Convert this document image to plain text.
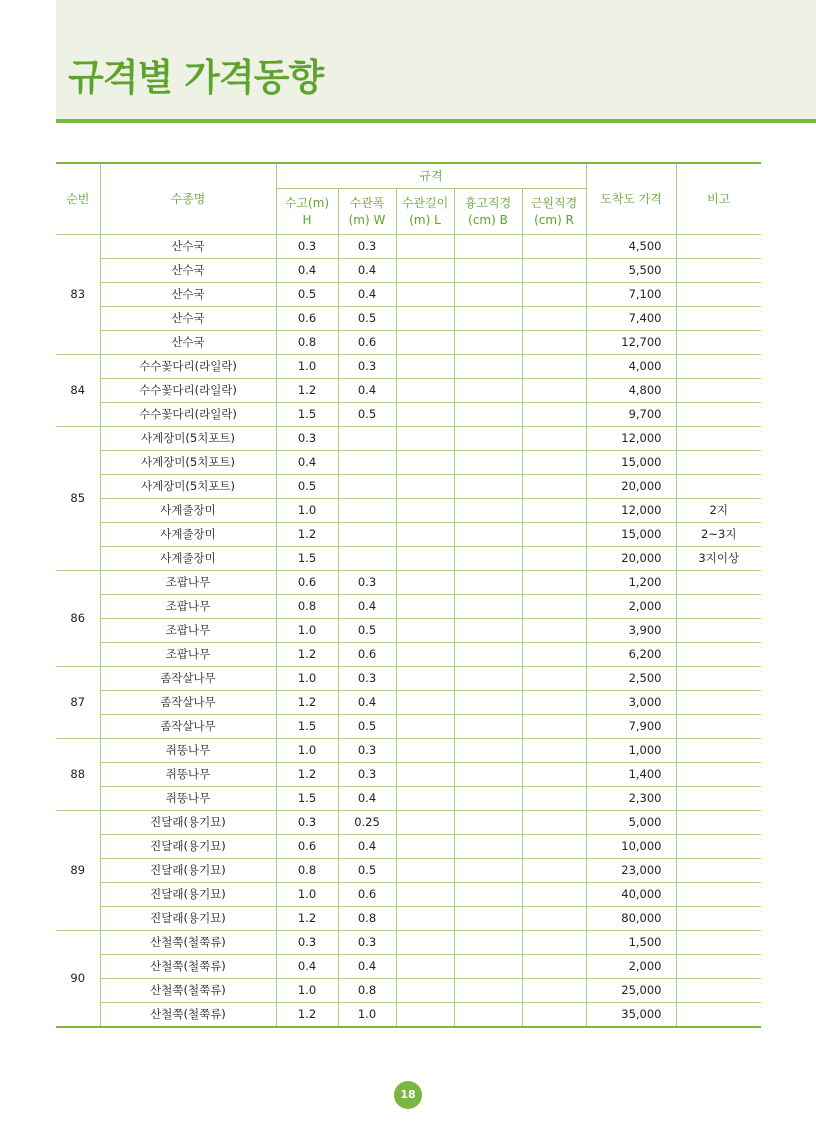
규격별 가격동향
순번	수종명	규격					도착도 가격	비고
		수고(m) H	수관폭 (m) W	수관길이 (m) L	흉고직경 (cm) B	근원직경 (cm) R		
83	산수국	0.3	0.3				4,500	
	산수국	0.4	0.4				5,500	
	산수국	0.5	0.4				7,100	
	산수국	0.6	0.5				7,400	
	산수국	0.8	0.6				12,700	
84	수수꽃다리(라일락)	1.0	0.3				4,000	
	수수꽃다리(라일락)	1.2	0.4				4,800	
	수수꽃다리(라일락)	1.5	0.5				9,700	
85	사계장미(5치포트)	0.3					12,000	
	사계장미(5치포트)	0.4					15,000	
	사계장미(5치포트)	0.5					20,000	
	사계줄장미	1.0					12,000	2지
	사계줄장미	1.2					15,000	2~3지
	사계줄장미	1.5					20,000	3지이상
86	조팝나무	0.6	0.3				1,200	
	조팝나무	0.8	0.4				2,000	
	조팝나무	1.0	0.5				3,900	
	조팝나무	1.2	0.6				6,200	
87	좀작살나무	1.0	0.3				2,500	
	좀작살나무	1.2	0.4				3,000	
	좀작살나무	1.5	0.5				7,900	
88	쥐똥나무	1.0	0.3				1,000	
	쥐똥나무	1.2	0.3				1,400	
	쥐똥나무	1.5	0.4				2,300	
89	진달래(용기묘)	0.3	0.25				5,000	
	진달래(용기묘)	0.6	0.4				10,000	
	진달래(용기묘)	0.8	0.5				23,000	
	진달래(용기묘)	1.0	0.6				40,000	
	진달래(용기묘)	1.2	0.8				80,000	
90	산철쭉(철쭉류)	0.3	0.3				1,500	
	산철쭉(철쭉류)	0.4	0.4				2,000	
	산철쭉(철쭉류)	1.0	0.8				25,000	
	산철쭉(철쭉류)	1.2	1.0				35,000	
18
